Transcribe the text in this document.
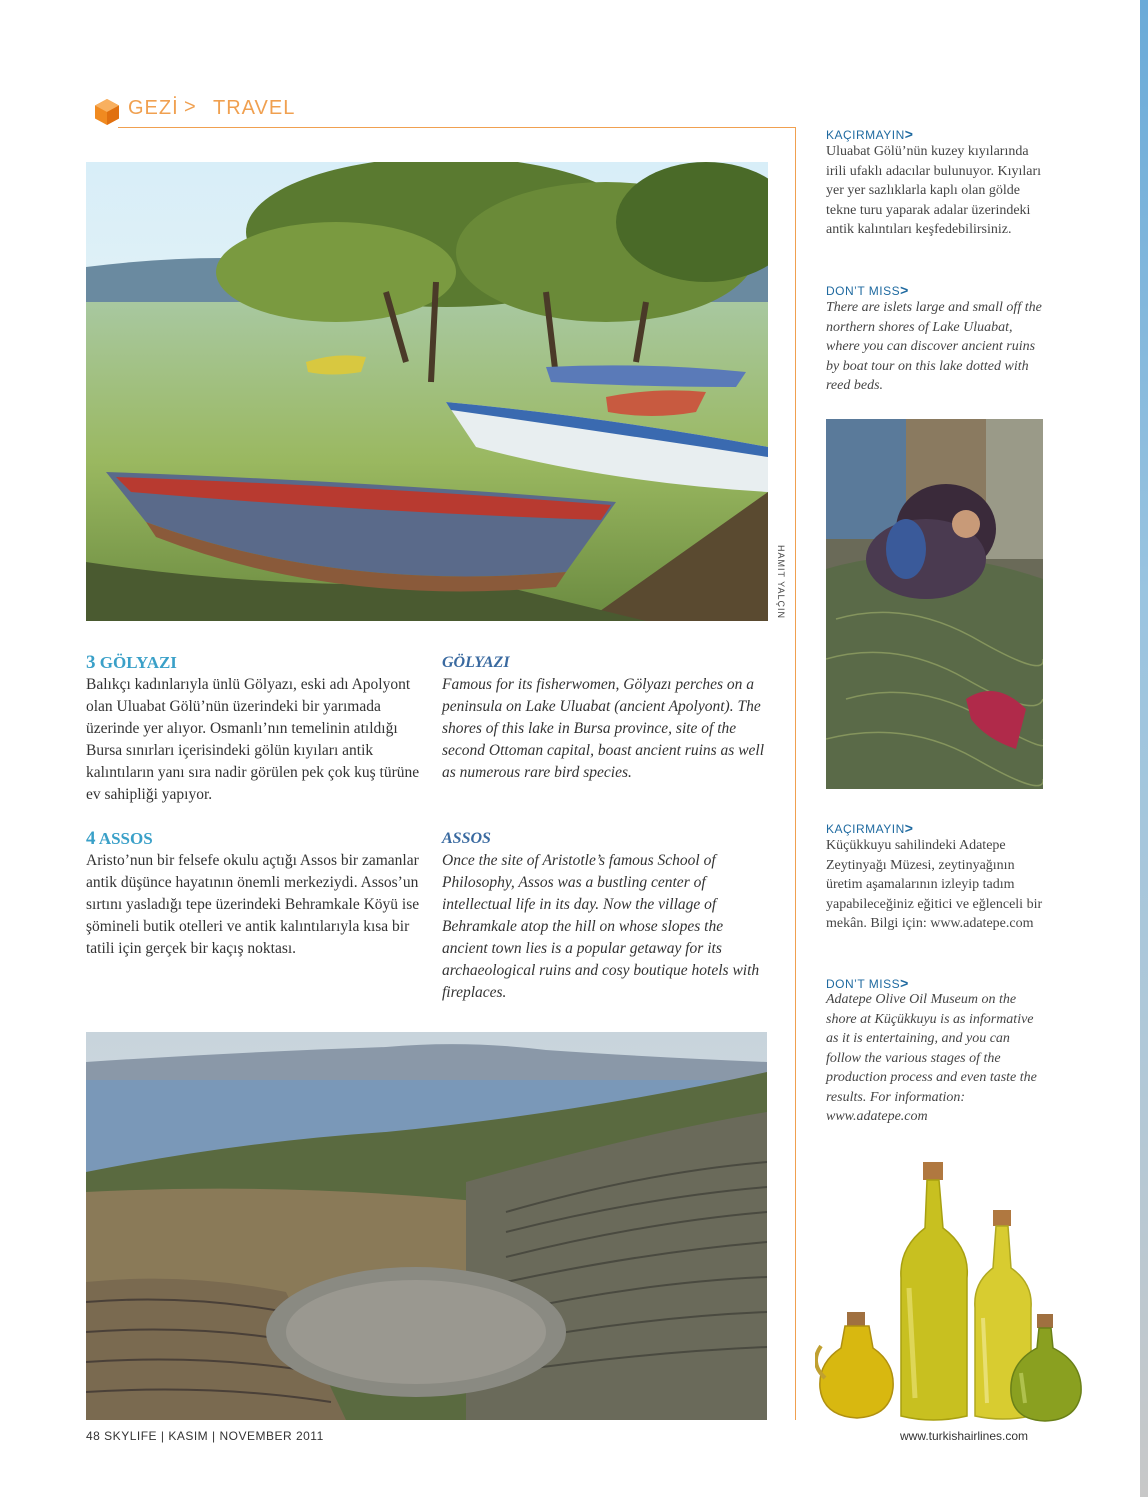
GEZİ > TRAVEL
HAMIT YALÇIN

3 GÖLYAZI

Balıkçı kadınlarıyla ünlü Gölyazı, eski adı Apolyont olan Uluabat Gölü’nün üzerindeki bir yarımada üzerinde yer alıyor. Osmanlı’nın temelinin atıldığı Bursa sınırları içerisindeki gölün kıyıları antik kalıntıların yanı sıra nadir görülen pek çok kuş türüne ev sahipliği yapıyor.

GÖLYAZI

Famous for its fisherwomen, Gölyazı perches on a peninsula on Lake Uluabat (ancient Apolyont). The shores of this lake in Bursa province, site of the second Ottoman capital, boast ancient ruins as well as numerous rare bird species.

4 ASSOS

Aristo’nun bir felsefe okulu açtığı Assos bir zamanlar antik düşünce hayatının önemli merkeziydi. Assos’un sırtını yasladığı tepe üzerindeki Behramkale Köyü ise şömineli butik otelleri ve antik kalıntılarıyla kısa bir tatili için gerçek bir kaçış noktası.

ASSOS

Once the site of Aristotle’s famous School of Philosophy, Assos was a bustling center of intellectual life in its day. Now the village of Behramkale atop the hill on whose slopes the ancient town lies is a popular getaway for its archaeological ruins and cosy boutique hotels with fireplaces.
KAÇIRMAYIN>
Uluabat Gölü’nün kuzey kıyılarında irili ufaklı adacılar bulunuyor. Kıyıları yer yer sazlıklarla kaplı olan gölde tekne turu yaparak adalar üzerindeki antik kalıntıları keşfedebilirsiniz.
DON’T MISS>
There are islets large and small off the northern shores of Lake Uluabat, where you can discover ancient ruins by boat tour on this lake dotted with reed beds.
KAÇIRMAYIN>
Küçükkuyu sahilindeki Adatepe Zeytinyağı Müzesi, zeytinyağının üretim aşamalarının izleyip tadım yapabileceğiniz eğitici ve eğlenceli bir mekân. Bilgi için: www.adatepe.com
DON’T MISS>
Adatepe Olive Oil Museum on the shore at Küçükkuyu is as informative as it is entertaining, and you can follow the various stages of the production process and even taste the results. For information: www.adatepe.com
48 SKYLIFE | KASIM | NOVEMBER 2011	www.turkishairlines.com
